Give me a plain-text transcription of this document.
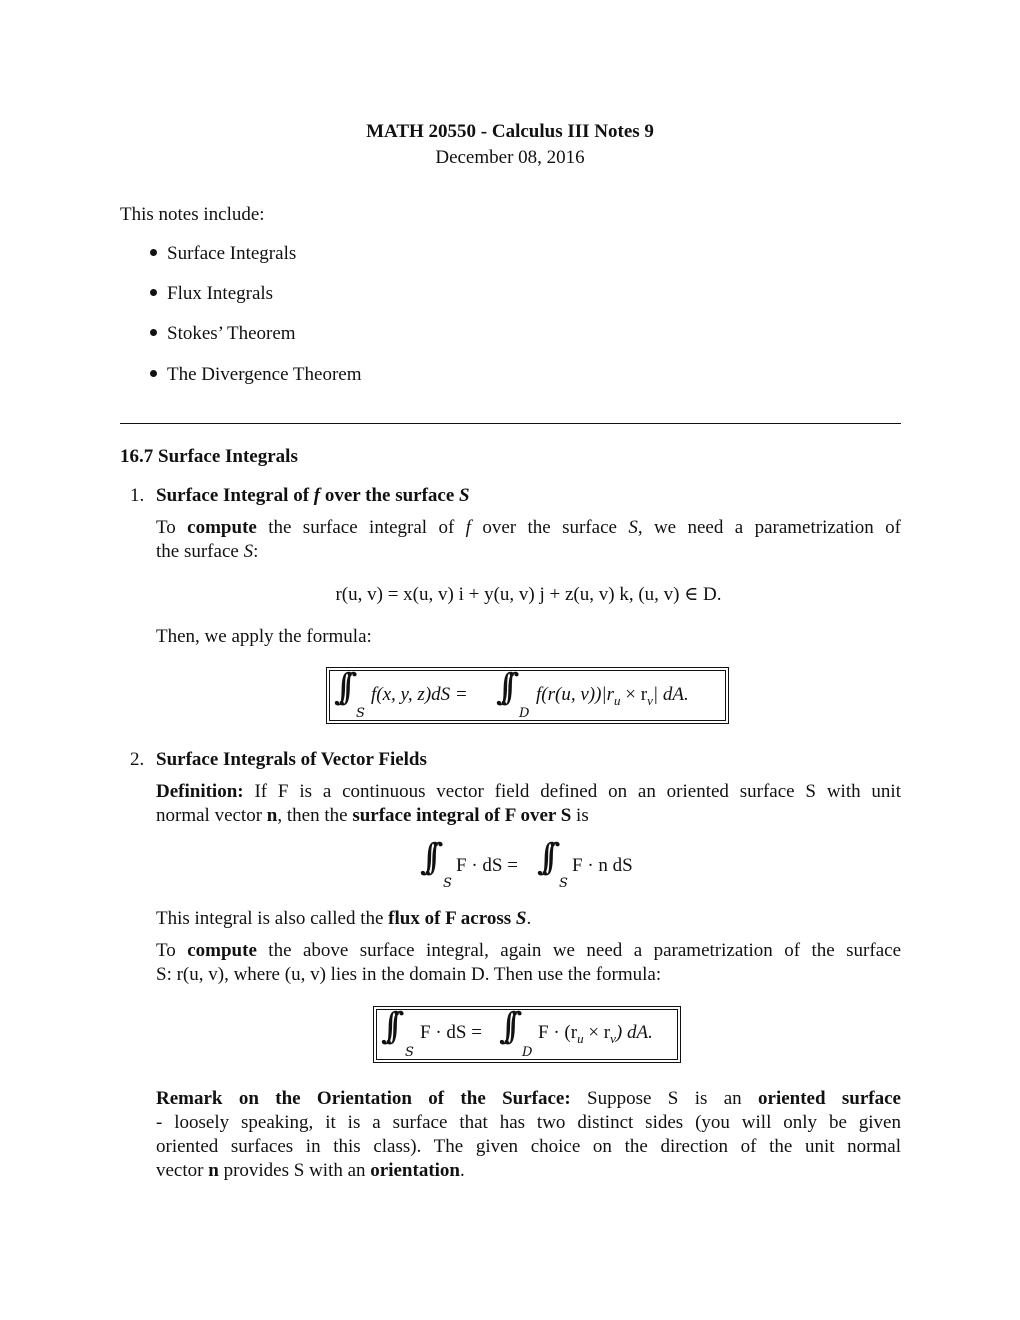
MATH 20550 - Calculus III Notes 9
December 08, 2016
This notes include:
Surface Integrals
Flux Integrals
Stokes’ Theorem
The Divergence Theorem
16.7 Surface Integrals
1. Surface Integral of f over the surface S
To compute the surface integral of f over the surface S, we need a parametrization of
the surface S:
r(u, v) = x(u, v) i + y(u, v) j + z(u, v) k, (u, v) ∈ D.
Then, we apply the formula:
∫∫
S
f(x, y, z)dS = ∫∫
D
f(r(u, $v))|r_u \times r_v|$ dA.
2. Surface Integrals of Vector Fields
Definition: If F is a continuous vector field defined on an oriented surface S with unit
normal vector n, then the surface integral of F over S is
∫∫
S
F · dS = ∫∫
S
F · n dS
This integral is also called the flux of F across S.
To compute the above surface integral, again we need a parametrization of the surface
S: r(u, v), where (u, v) lies in the domain D. Then use the formula:
∫∫
S
F · dS = ∫∫
D
$F \cdot (r_u \times r_v)$ dA.
Remark on the Orientation of the Surface: Suppose S is an oriented surface
- loosely speaking, it is a surface that has two distinct sides (you will only be given
oriented surfaces in this class). The given choice on the direction of the unit normal
vector n provides S with an orientation.
